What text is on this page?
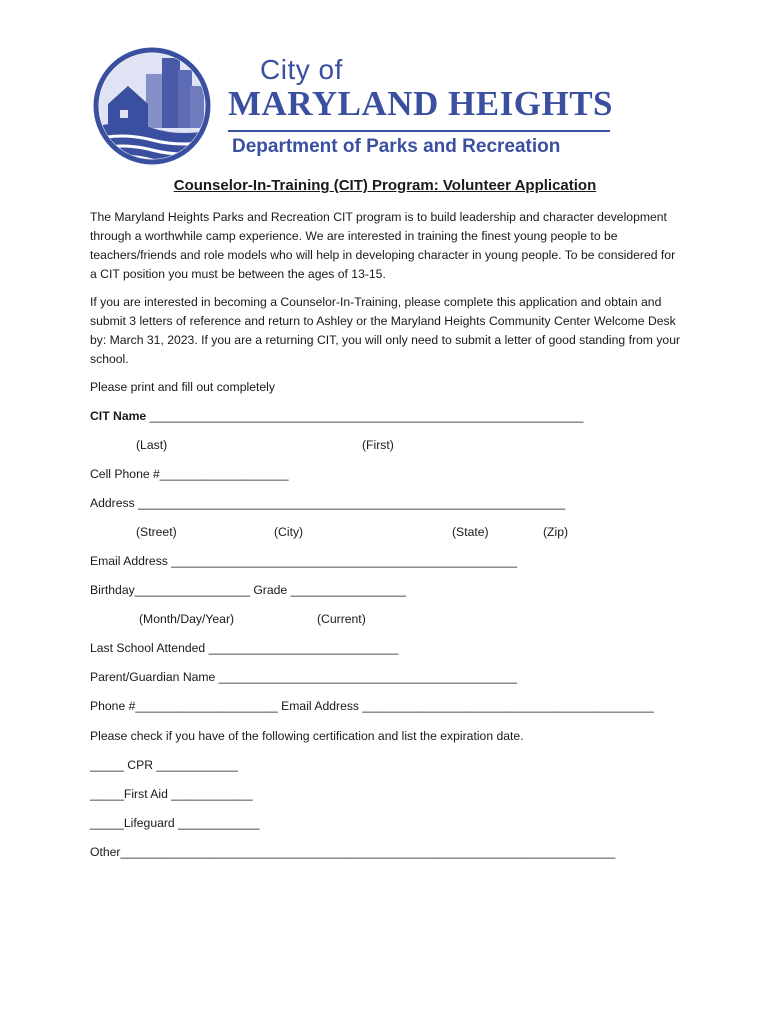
City of
MARYLAND HEIGHTS
Department of Parks and Recreation
Counselor-In-Training (CIT) Program: Volunteer Application
The Maryland Heights Parks and Recreation CIT program is to build leadership and character development through a worthwhile camp experience. We are interested in training the finest young people to be teachers/friends and role models who will help in developing character in young people. To be considered for a CIT position you must be between the ages of 13-15.
If you are interested in becoming a Counselor-In-Training, please complete this application and obtain and submit 3 letters of reference and return to Ashley or the Maryland Heights Community Center Welcome Desk by: March 31, 2023. If you are a returning CIT, you will only need to submit a letter of good standing from your school.
Please print and fill out completely
CIT Name ________________________________________________________________
(Last)	(First)
Cell Phone #___________________
Address _______________________________________________________________
(Street)	(City)	(State)	(Zip)
Email Address ___________________________________________________
Birthday_________________ Grade _________________
(Month/Day/Year)	(Current)
Last School Attended ____________________________
Parent/Guardian Name ____________________________________________
Phone #_____________________ Email Address ___________________________________________
Please check if you have of the following certification and list the expiration date.
_____ CPR ____________
_____First Aid ____________
_____Lifeguard ____________
Other_________________________________________________________________________
